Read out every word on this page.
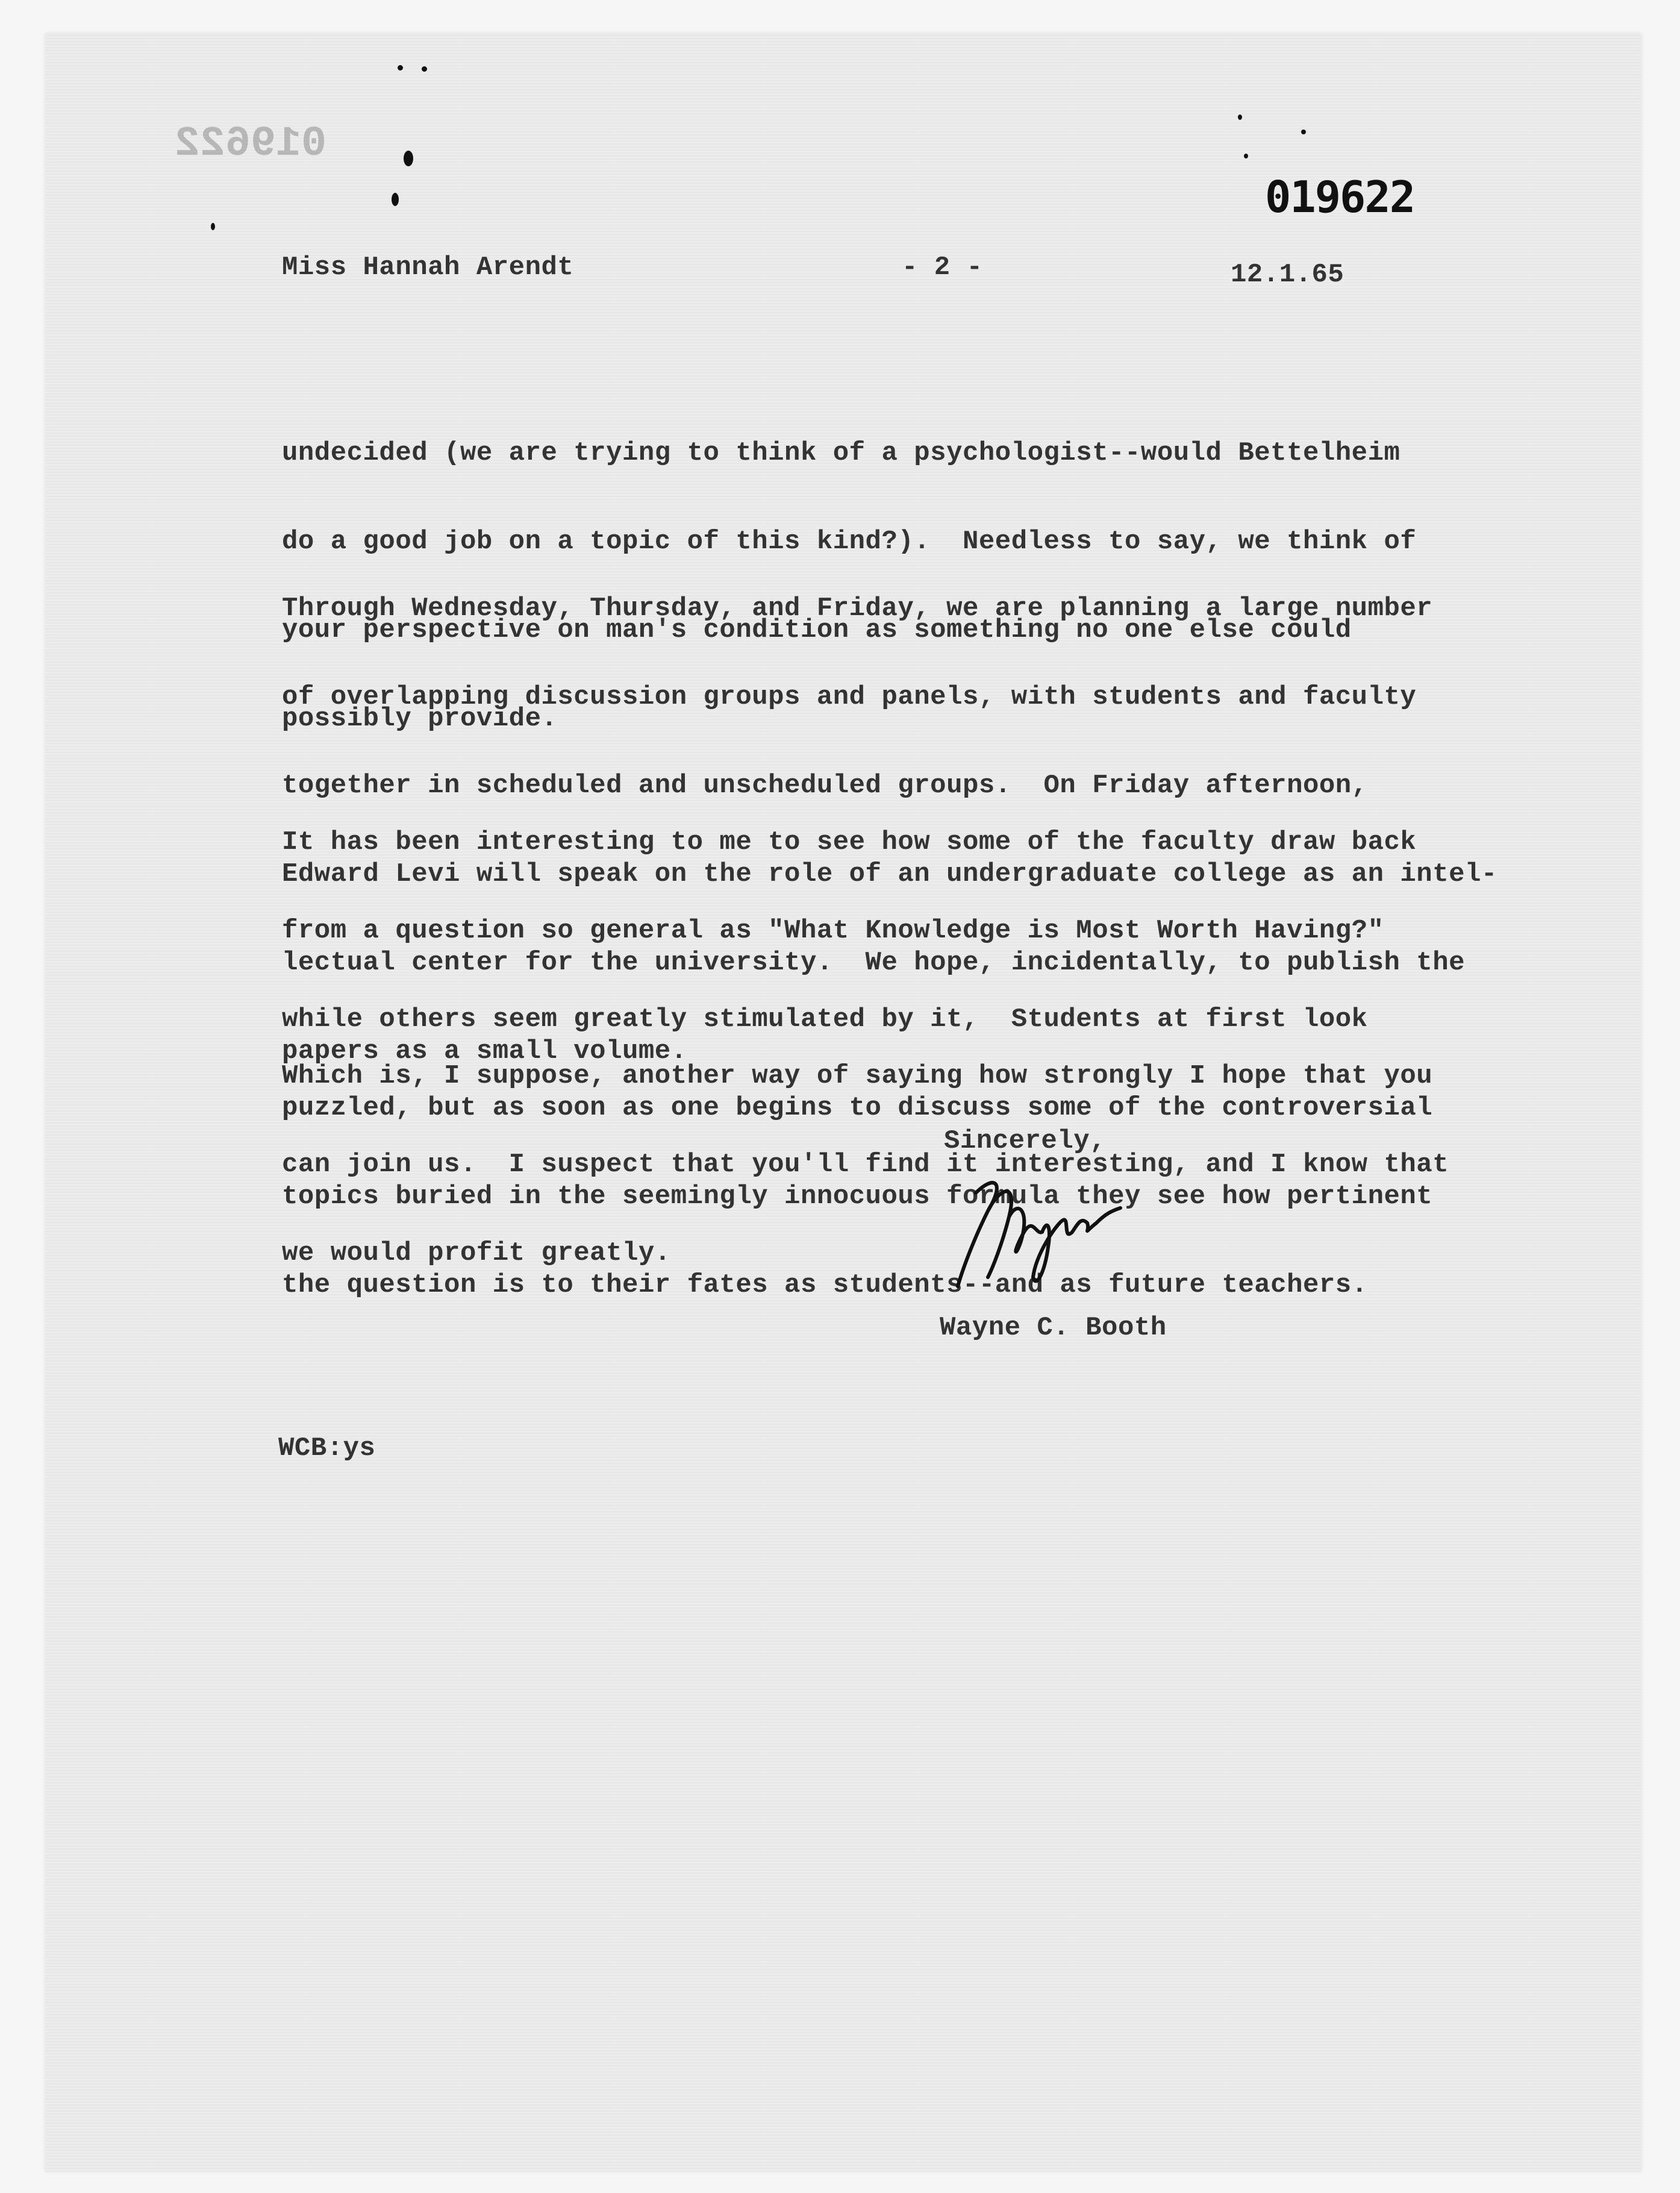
019622
019622
Miss Hannah Arendt	- 2 -	12.1.65

undecided (we are trying to think of a psychologist--would Bettelheim

do a good job on a topic of this kind?).  Needless to say, we think of

your perspective on man's condition as something no one else could

possibly provide.

Through Wednesday, Thursday, and Friday, we are planning a large number

of overlapping discussion groups and panels, with students and faculty

together in scheduled and unscheduled groups.  On Friday afternoon,

Edward Levi will speak on the role of an undergraduate college as an intel-

lectual center for the university.  We hope, incidentally, to publish the

papers as a small volume.

It has been interesting to me to see how some of the faculty draw back

from a question so general as "What Knowledge is Most Worth Having?"

while others seem greatly stimulated by it,  Students at first look

puzzled, but as soon as one begins to discuss some of the controversial

topics buried in the seemingly innocuous formula they see how pertinent

the question is to their fates as students--and as future teachers.

Which is, I suppose, another way of saying how strongly I hope that you

can join us.  I suspect that you'll find it interesting, and I know that

we would profit greatly.

Sincerely,
Wayne C. Booth
WCB:ys
